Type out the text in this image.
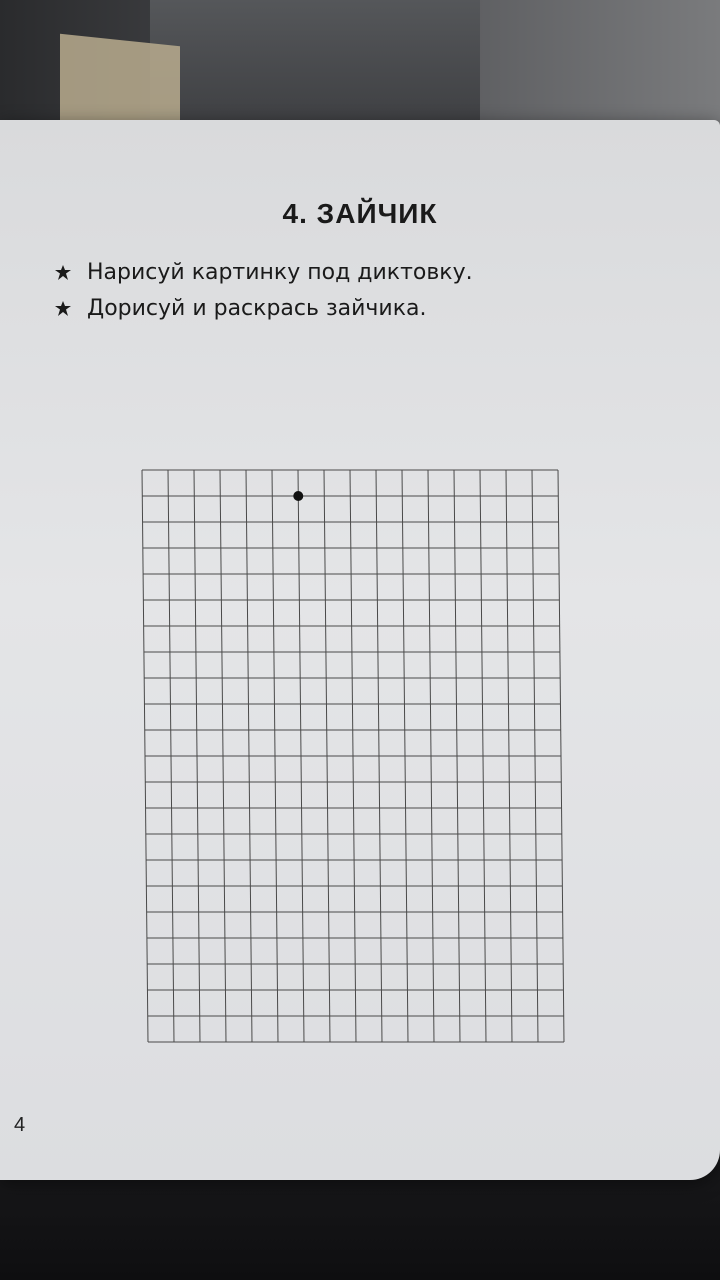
4. ЗАЙЧИК
Нарисуй картинку под диктовку.
Дорисуй и раскрась зайчика.
4
